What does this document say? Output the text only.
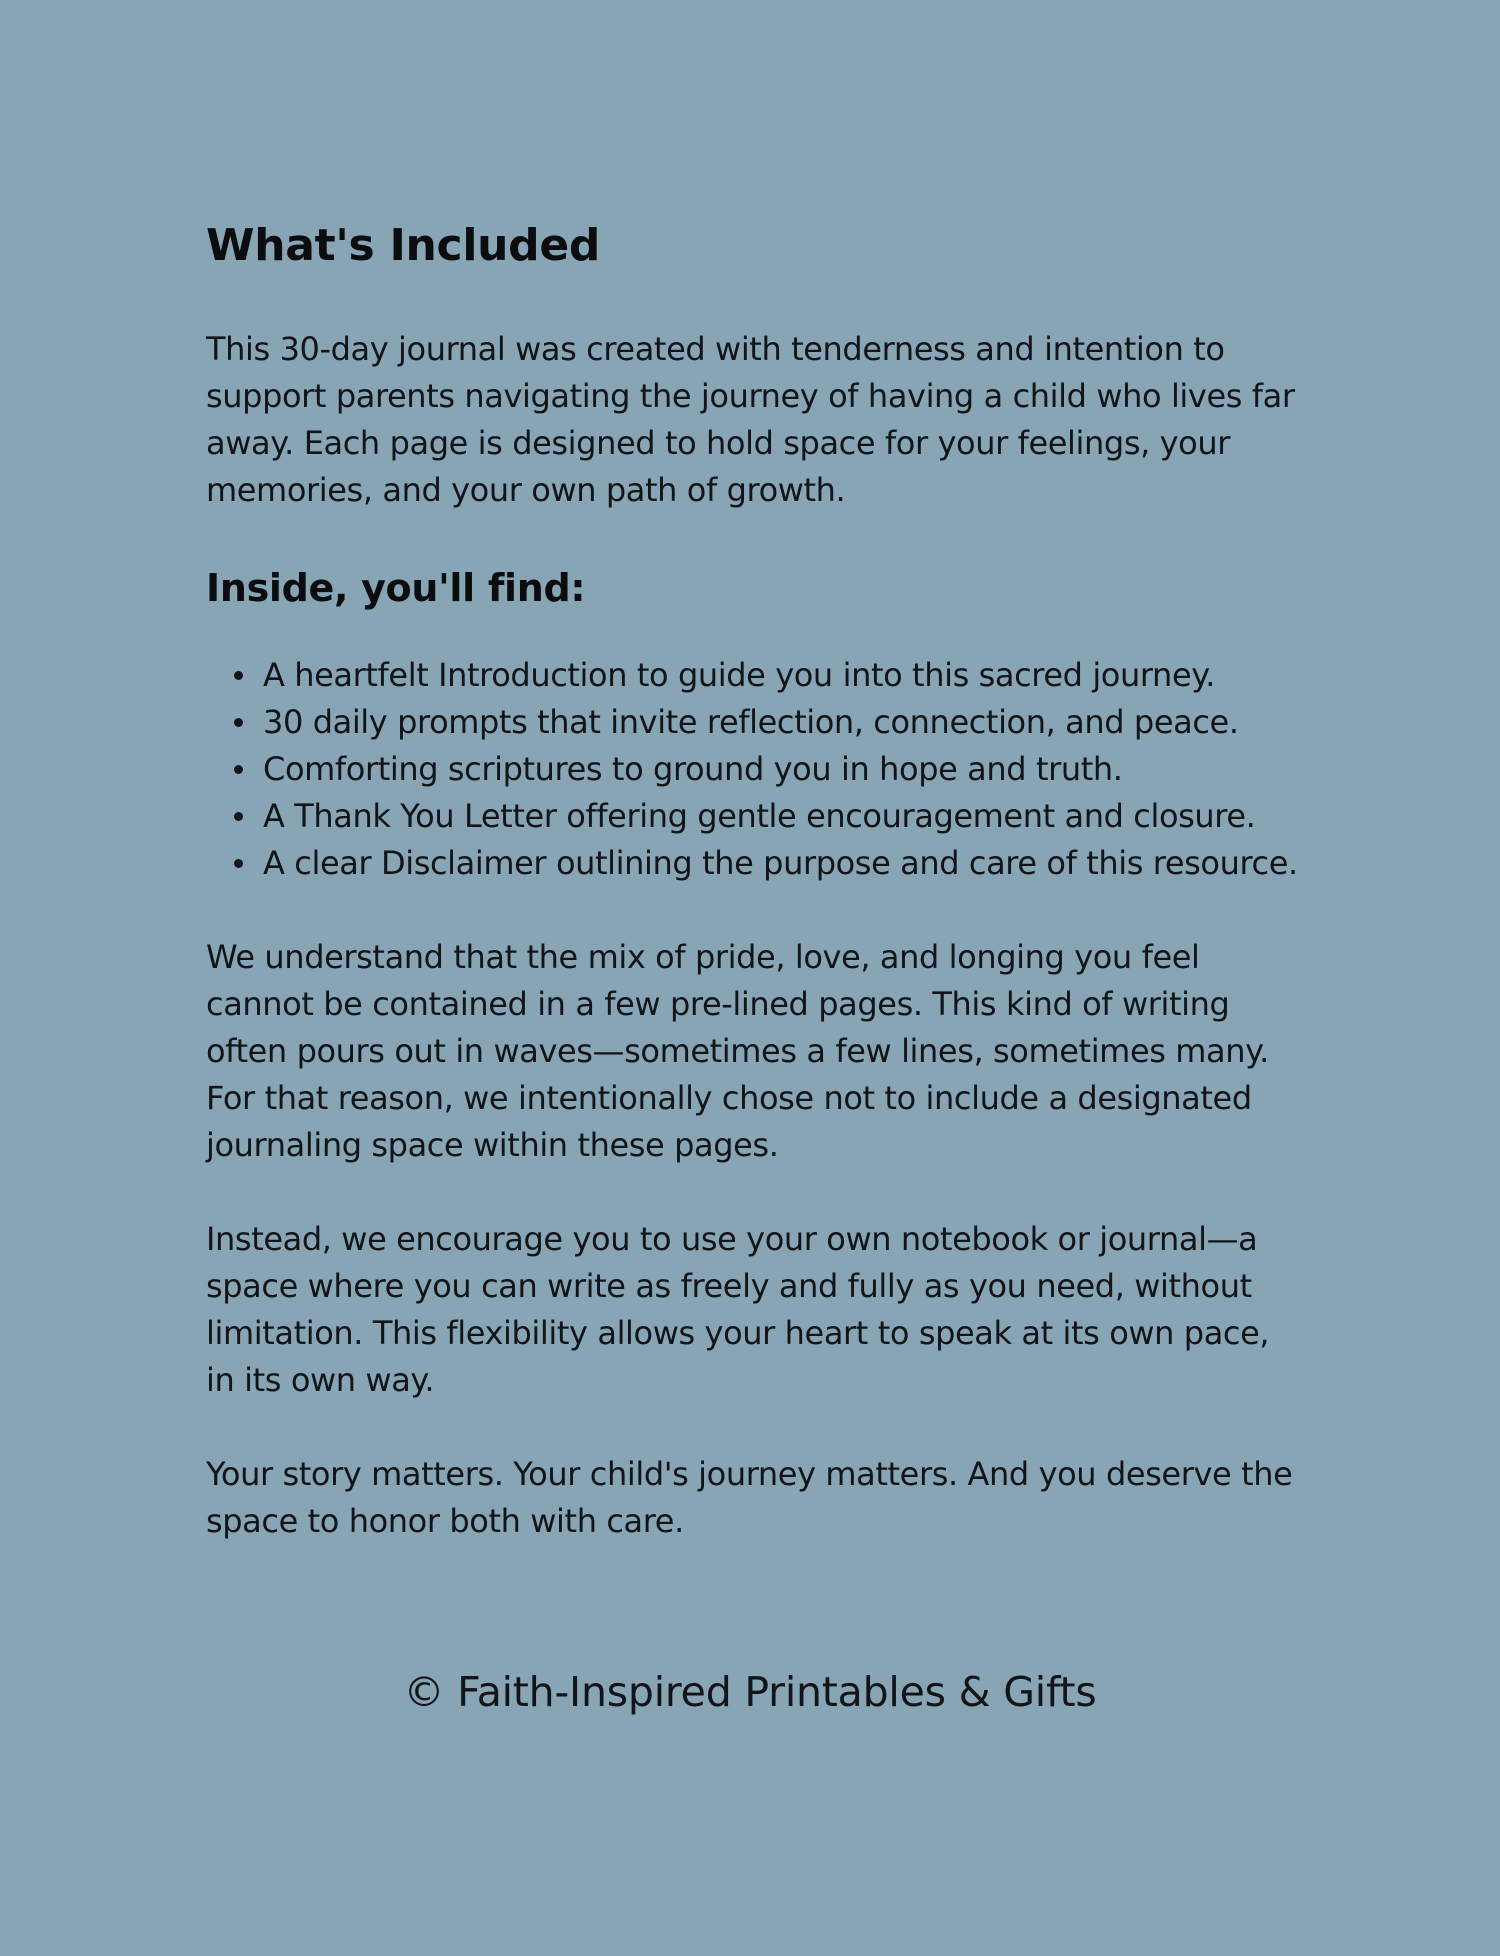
What's Included

This 30-day journal was created with tenderness and intention to support parents navigating the journey of having a child who lives far away. Each page is designed to hold space for your feelings, your memories, and your own path of growth.

Inside, you'll find:
A heartfelt Introduction to guide you into this sacred journey.
30 daily prompts that invite reflection, connection, and peace.
Comforting scriptures to ground you in hope and truth.
A Thank You Letter offering gentle encouragement and closure.
A clear Disclaimer outlining the purpose and care of this resource.

We understand that the mix of pride, love, and longing you feel cannot be contained in a few pre-lined pages. This kind of writing often pours out in waves—sometimes a few lines, sometimes many. For that reason, we intentionally chose not to include a designated journaling space within these pages.

Instead, we encourage you to use your own notebook or journal—a space where you can write as freely and fully as you need, without limitation. This flexibility allows your heart to speak at its own pace, in its own way.

Your story matters. Your child's journey matters. And you deserve the space to honor both with care.

© Faith-Inspired Printables & Gifts
